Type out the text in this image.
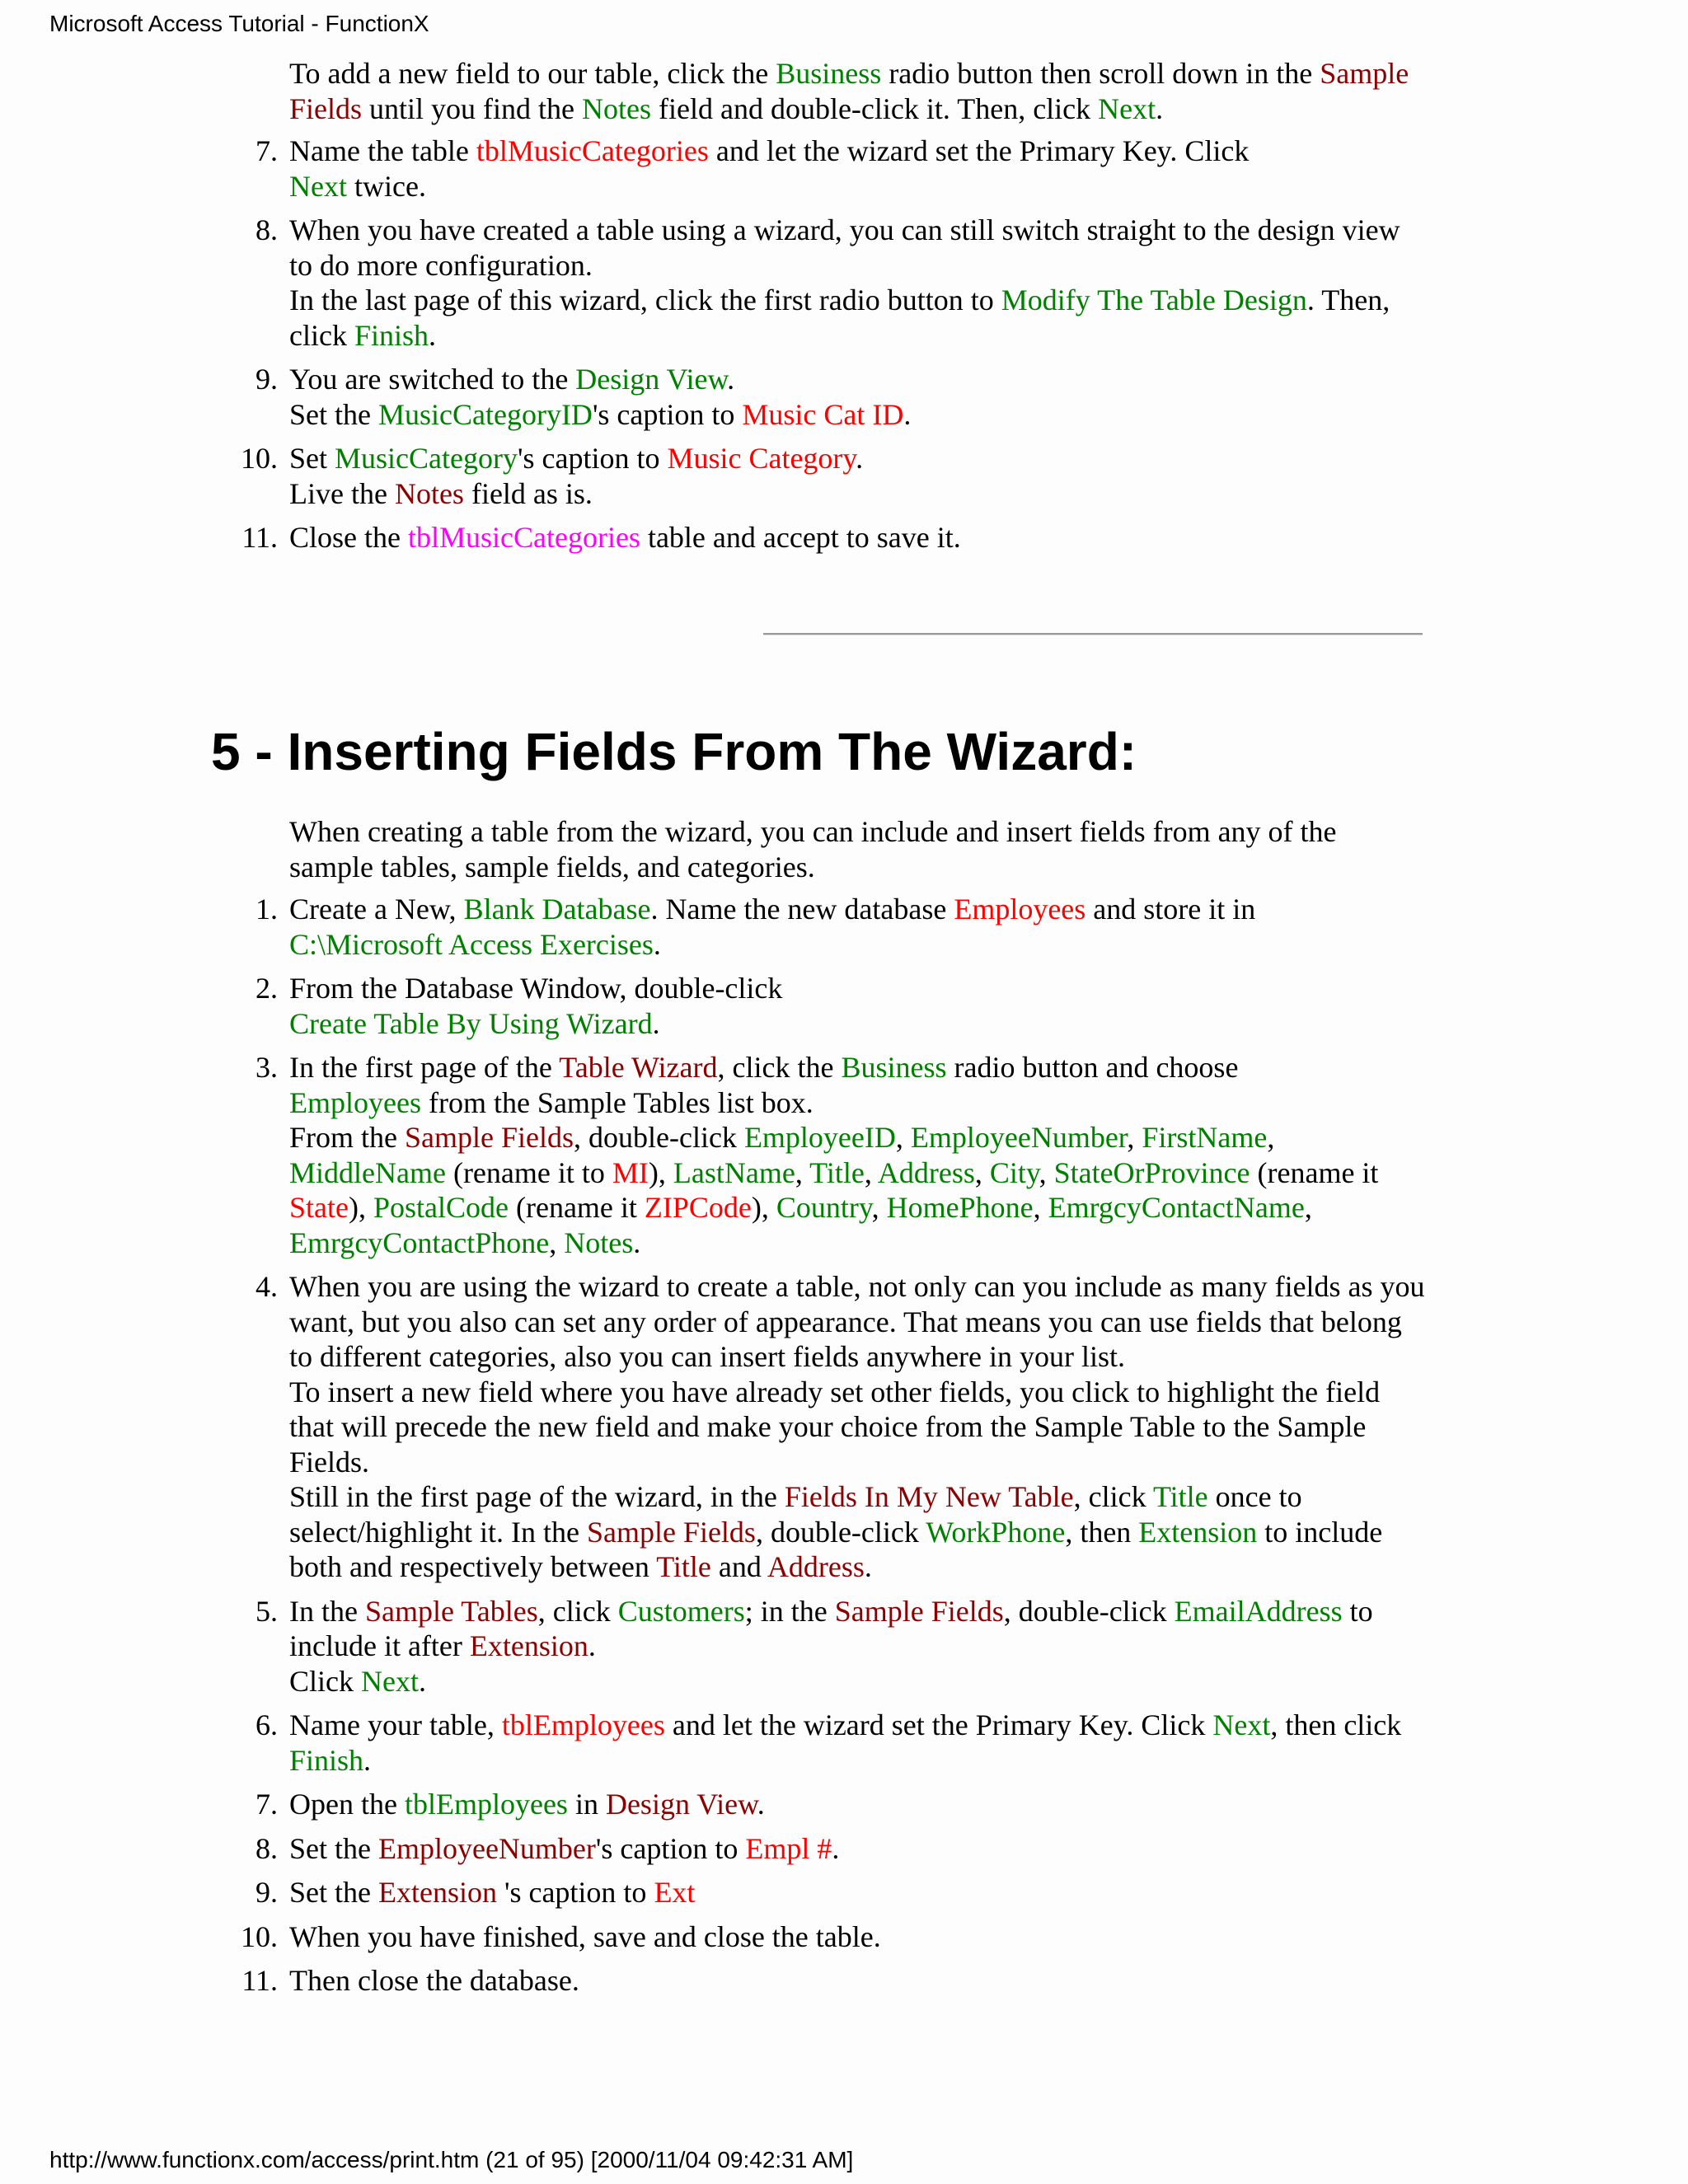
Microsoft Access Tutorial - FunctionX

To add a new field to our table, click the Business radio button then scroll down in the Sample Fields until you find the Notes field and double-click it. Then, click Next.

7. Name the table tblMusicCategories and let the wizard set the Primary Key. Click
Next twice.
8. When you have created a table using a wizard, you can still switch straight to the design view to do more configuration.
In the last page of this wizard, click the first radio button to Modify The Table Design. Then, click Finish.
9. You are switched to the Design View.
Set the MusicCategoryID's caption to Music Cat ID.
10. Set MusicCategory's caption to Music Category.
Live the Notes field as is.
11. Close the tblMusicCategories table and accept to save it.
5 - Inserting Fields From The Wizard:

When creating a table from the wizard, you can include and insert fields from any of the sample tables, sample fields, and categories.

1. Create a New, Blank Database. Name the new database Employees and store it in
C:\Microsoft Access Exercises.
2. From the Database Window, double-click
Create Table By Using Wizard.
3. In the first page of the Table Wizard, click the Business radio button and choose
Employees from the Sample Tables list box.
From the Sample Fields, double-click EmployeeID, EmployeeNumber, FirstName, MiddleName (rename it to MI), LastName, Title, Address, City, StateOrProvince (rename it State), PostalCode (rename it ZIPCode), Country, HomePhone, EmrgcyContactName, EmrgcyContactPhone, Notes.
4. When you are using the wizard to create a table, not only can you include as many fields as you want, but you also can set any order of appearance. That means you can use fields that belong to different categories, also you can insert fields anywhere in your list.
To insert a new field where you have already set other fields, you click to highlight the field that will precede the new field and make your choice from the Sample Table to the Sample Fields.
Still in the first page of the wizard, in the Fields In My New Table, click Title once to select/highlight it. In the Sample Fields, double-click WorkPhone, then Extension to include both and respectively between Title and Address.
5. In the Sample Tables, click Customers; in the Sample Fields, double-click EmailAddress to include it after Extension.
Click Next.
6. Name your table, tblEmployees and let the wizard set the Primary Key. Click Next, then click Finish.
7. Open the tblEmployees in Design View.
8. Set the EmployeeNumber's caption to Empl #.
9. Set the Extension 's caption to Ext
10. When you have finished, save and close the table.
11. Then close the database.
http://www.functionx.com/access/print.htm (21 of 95) [2000/11/04 09:42:31 AM]
